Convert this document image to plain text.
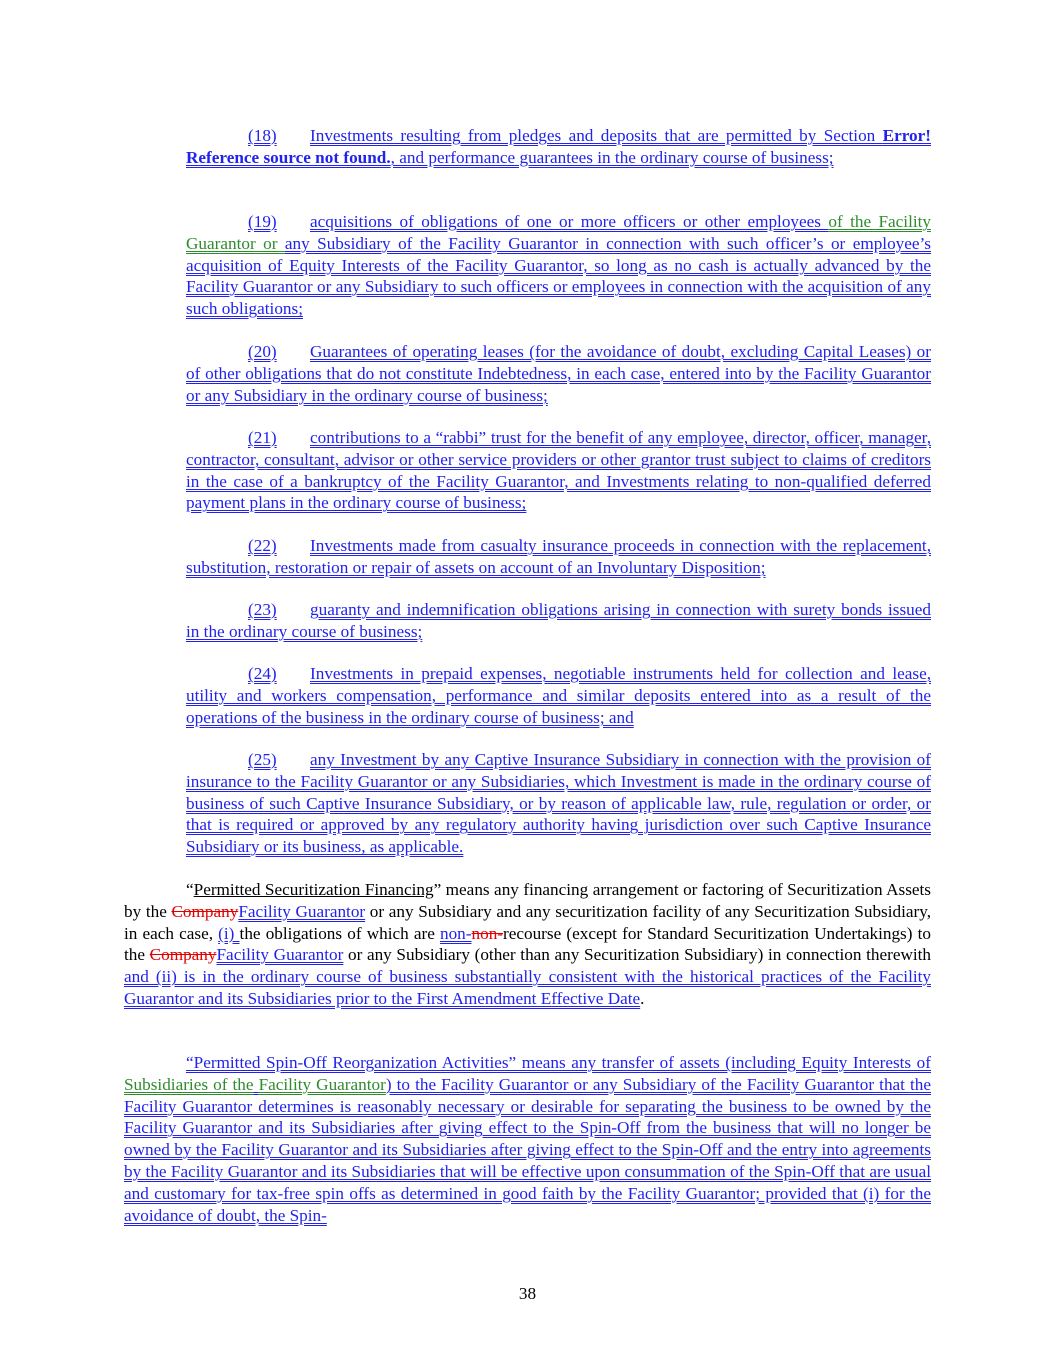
(18) Investments resulting from pledges and deposits that are permitted by Section Error! Reference source not found., and performance guarantees in the ordinary course of business;
(19) acquisitions of obligations of one or more officers or other employees of the Facility Guarantor or any Subsidiary of the Facility Guarantor in connection with such officer’s or employee’s acquisition of Equity Interests of the Facility Guarantor, so long as no cash is actually advanced by the Facility Guarantor or any Subsidiary to such officers or employees in connection with the acquisition of any such obligations;
(20) Guarantees of operating leases (for the avoidance of doubt, excluding Capital Leases) or of other obligations that do not constitute Indebtedness, in each case, entered into by the Facility Guarantor or any Subsidiary in the ordinary course of business;
(21) contributions to a “rabbi” trust for the benefit of any employee, director, officer, manager, contractor, consultant, advisor or other service providers or other grantor trust subject to claims of creditors in the case of a bankruptcy of the Facility Guarantor, and Investments relating to non-qualified deferred payment plans in the ordinary course of business;
(22) Investments made from casualty insurance proceeds in connection with the replacement, substitution, restoration or repair of assets on account of an Involuntary Disposition;
(23) guaranty and indemnification obligations arising in connection with surety bonds issued in the ordinary course of business;
(24) Investments in prepaid expenses, negotiable instruments held for collection and lease, utility and workers compensation, performance and similar deposits entered into as a result of the operations of the business in the ordinary course of business; and
(25) any Investment by any Captive Insurance Subsidiary in connection with the provision of insurance to the Facility Guarantor or any Subsidiaries, which Investment is made in the ordinary course of business of such Captive Insurance Subsidiary, or by reason of applicable law, rule, regulation or order, or that is required or approved by any regulatory authority having jurisdiction over such Captive Insurance Subsidiary or its business, as applicable.
“Permitted Securitization Financing” means any financing arrangement or factoring of Securitization Assets by the CompanyFacility Guarantor or any Subsidiary and any securitization facility of any Securitization Subsidiary, in each case, (i) the obligations of which are non-non-recourse (except for Standard Securitization Undertakings) to the CompanyFacility Guarantor or any Subsidiary (other than any Securitization Subsidiary) in connection therewith and (ii) is in the ordinary course of business substantially consistent with the historical practices of the Facility Guarantor and its Subsidiaries prior to the First Amendment Effective Date.
“Permitted Spin-Off Reorganization Activities” means any transfer of assets (including Equity Interests of Subsidiaries of the Facility Guarantor) to the Facility Guarantor or any Subsidiary of the Facility Guarantor that the Facility Guarantor determines is reasonably necessary or desirable for separating the business to be owned by the Facility Guarantor and its Subsidiaries after giving effect to the Spin-Off from the business that will no longer be owned by the Facility Guarantor and its Subsidiaries after giving effect to the Spin-Off and the entry into agreements by the Facility Guarantor and its Subsidiaries that will be effective upon consummation of the Spin-Off that are usual and customary for tax-free spin offs as determined in good faith by the Facility Guarantor; provided that (i) for the avoidance of doubt, the Spin-
38
